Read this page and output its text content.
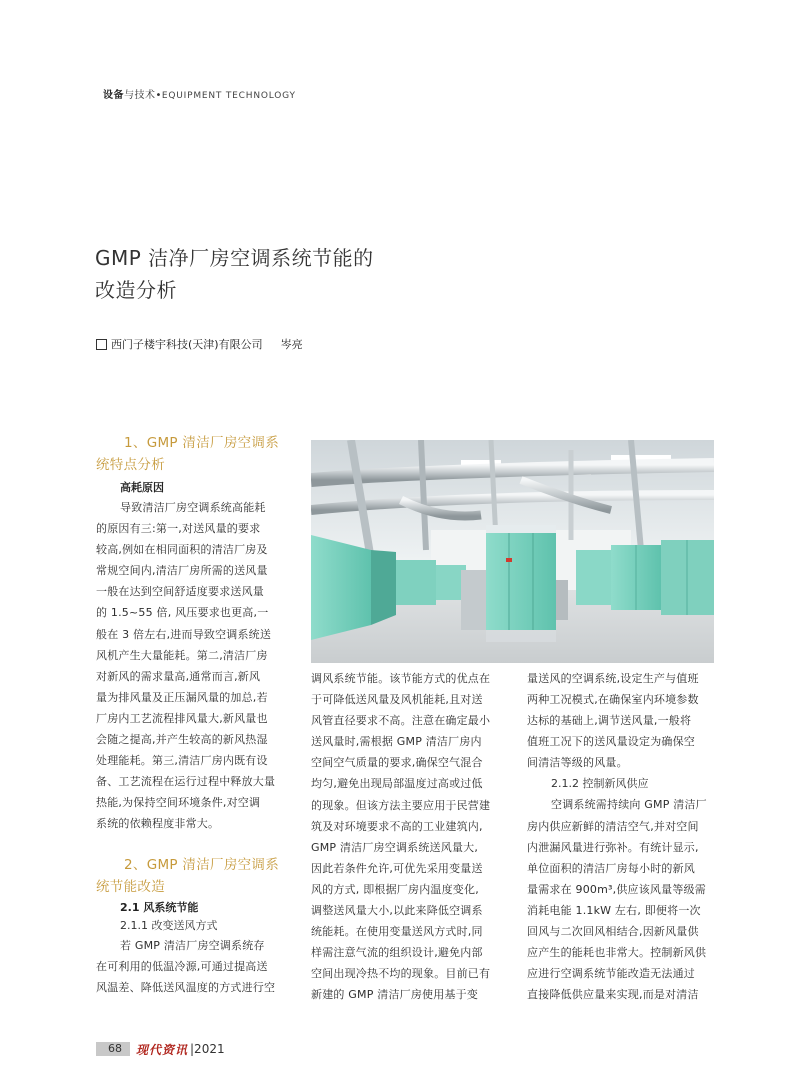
设备与技术•EQUIPMENT TECHNOLOGY
GMP 洁净厂房空调系统节能的
改造分析
西门子楼宇科技(天津)有限公司 岑亮
1、GMP 清洁厂房空调系
统特点分析
高耗原因
导致清洁厂房空调系统高能耗
的原因有三:第一,对送风量的要求
较高,例如在相同面积的清洁厂房及
常规空间内,清洁厂房所需的送风量
一般在达到空间舒适度要求送风量
的 1.5~55 倍, 风压要求也更高,一
般在 3 倍左右,进而导致空调系统送
风机产生大量能耗。第二,清洁厂房
对新风的需求量高,通常而言,新风
量为排风量及正压漏风量的加总,若
厂房内工艺流程排风量大,新风量也
会随之提高,并产生较高的新风热湿
处理能耗。第三,清洁厂房内既有设
备、工艺流程在运行过程中释放大量
热能,为保持空间环境条件,对空调
系统的依赖程度非常大。
2、GMP 清洁厂房空调系
统节能改造
2.1 风系统节能
2.1.1 改变送风方式
若 GMP 清洁厂房空调系统存
在可利用的低温冷源,可通过提高送
风温差、降低送风温度的方式进行空
调风系统节能。该节能方式的优点在
于可降低送风量及风机能耗,且对送
风管直径要求不高。注意在确定最小
送风量时,需根据 GMP 清洁厂房内
空间空气质量的要求,确保空气混合
均匀,避免出现局部温度过高或过低
的现象。但该方法主要应用于民营建
筑及对环境要求不高的工业建筑内,
GMP 清洁厂房空调系统送风量大,
因此若条件允许,可优先采用变量送
风的方式, 即根据厂房内温度变化,
调整送风量大小,以此来降低空调系
统能耗。在使用变量送风方式时,同
样需注意气流的组织设计,避免内部
空间出现冷热不均的现象。目前已有
新建的 GMP 清洁厂房使用基于变
量送风的空调系统,设定生产与值班
两种工况模式,在确保室内环境参数
达标的基础上,调节送风量,一般将
值班工况下的送风量设定为确保空
间清洁等级的风量。
2.1.2 控制新风供应
空调系统需持续向 GMP 清洁厂
房内供应新鲜的清洁空气,并对空间
内泄漏风量进行弥补。有统计显示,
单位面积的清洁厂房每小时的新风
量需求在 900m³,供应该风量等级需
消耗电能 1.1kW 左右, 即便将一次
回风与二次回风相结合,因新风量供
应产生的能耗也非常大。控制新风供
应进行空调系统节能改造无法通过
直接降低供应量来实现,而是对清洁
68	现代资讯 |2021
